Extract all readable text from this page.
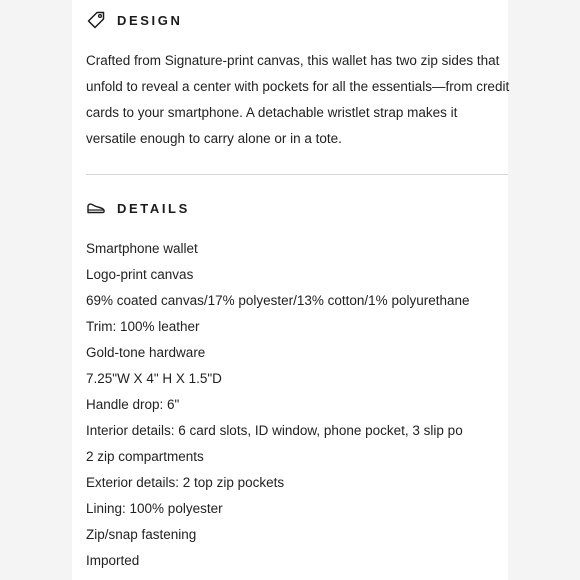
DESIGN
Crafted from Signature-print canvas, this wallet has two zip sides that unfold to reveal a center with pockets for all the essentials—from credit cards to your smartphone. A detachable wristlet strap makes it versatile enough to carry alone or in a tote.
DETAILS
Smartphone wallet
Logo-print canvas
69% coated canvas/17% polyester/13% cotton/1% polyurethane
Trim: 100% leather
Gold-tone hardware
7.25"W X 4" H X 1.5"D
Handle drop: 6"
Interior details: 6 card slots, ID window, phone pocket, 3 slip po
2 zip compartments
Exterior details: 2 top zip pockets
Lining: 100% polyester
Zip/snap fastening
Imported
